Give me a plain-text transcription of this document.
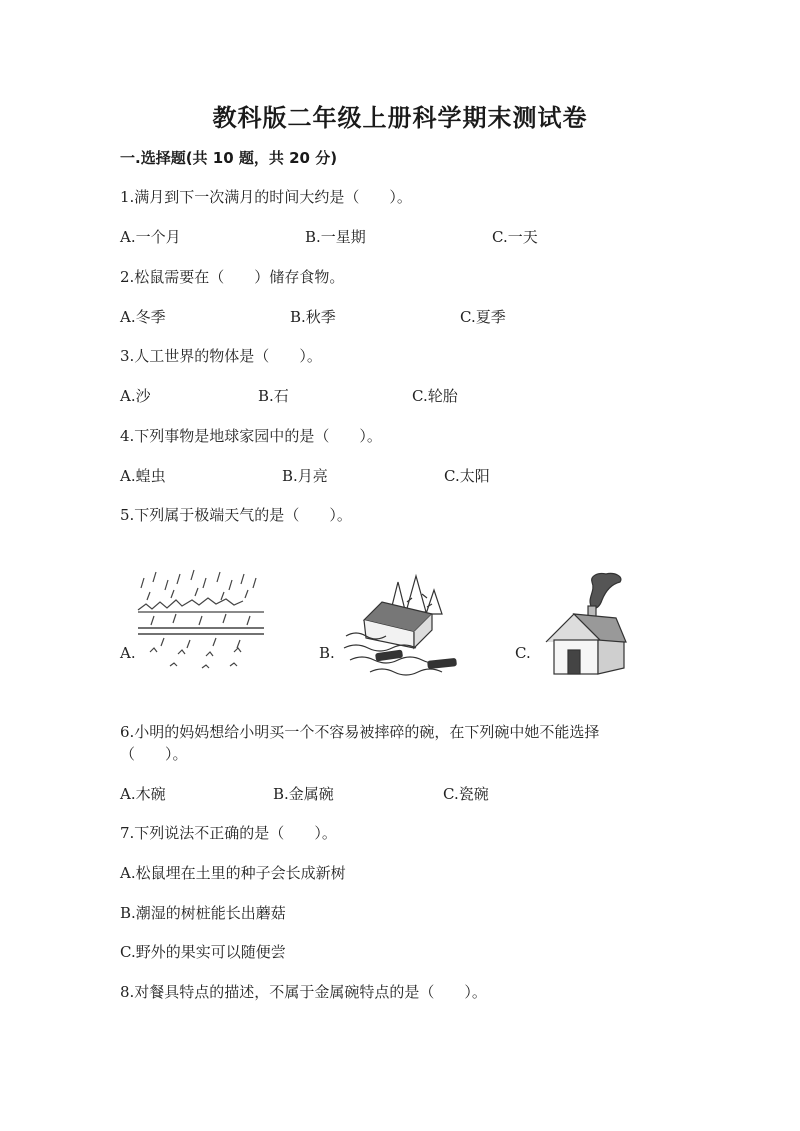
教科版二年级上册科学期末测试卷
一.选择题(共 10 题，共 20 分)
1.满月到下一次满月的时间大约是（　　）。
A.一个月	B.一星期	C.一天
2.松鼠需要在（　　）储存食物。
A.冬季	B.秋季	C.夏季
3.人工世界的物体是（　　）。
A.沙	B.石	C.轮胎
4.下列事物是地球家园中的是（　　）。
A.蝗虫	B.月亮	C.太阳
5.下列属于极端天气的是（　　）。
A.	B.	C.
6.小明的妈妈想给小明买一个不容易被摔碎的碗，在下列碗中她不能选择
（　　）。
A.木碗	B.金属碗	C.瓷碗
7.下列说法不正确的是（　　）。
A.松鼠埋在土里的种子会长成新树
B.潮湿的树桩能长出蘑菇
C.野外的果实可以随便尝
8.对餐具特点的描述，不属于金属碗特点的是（　　）。
